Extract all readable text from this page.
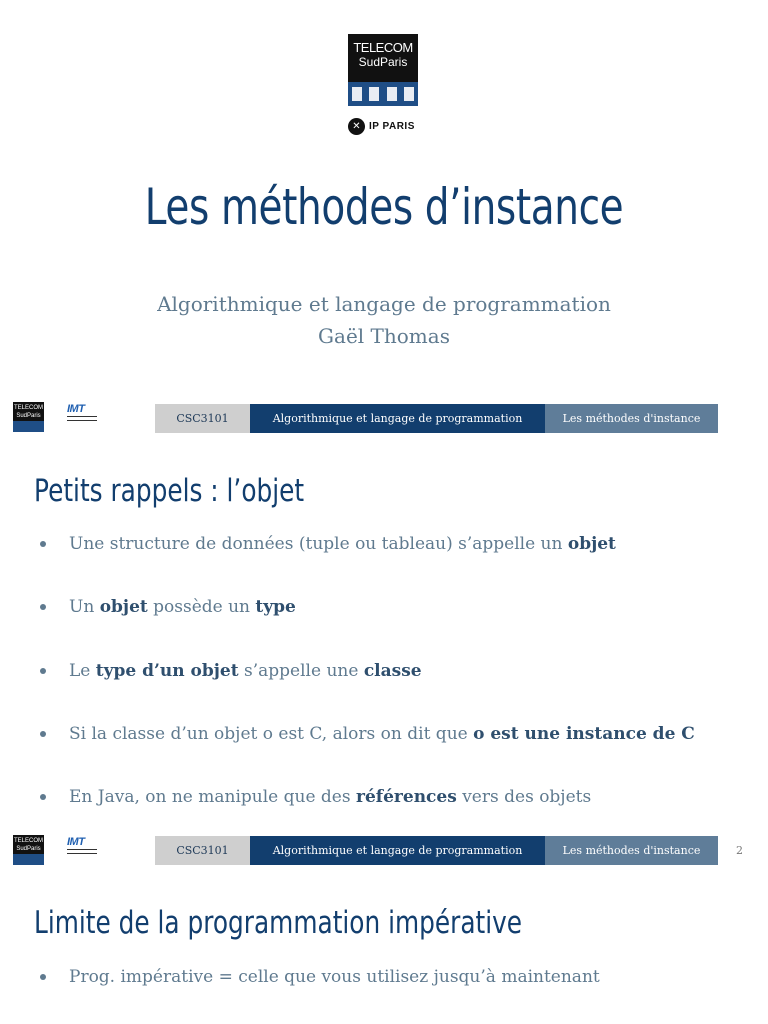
TELECOM
SudParis
✕ IP PARIS
Les méthodes d’instance
Algorithmique et langage de programmation
Gaël Thomas
TELECOM
SudParis
IMT
CSC3101	Algorithmique et langage de programmation	Les méthodes d'instance
Petits rappels : l’objet
Une structure de données (tuple ou tableau) s’appelle un
objet
Un
objet
possède un
type
Le
type d’un objet
s’appelle une
classe
Si la classe d’un objet o est C, alors on dit que
o est une instance de C
En Java, on ne manipule que des
références
vers des objets
TELECOM
SudParis
IMT
CSC3101	Algorithmique et langage de programmation	Les méthodes d'instance	2
Limite de la programmation impérative
Prog. impérative = celle que vous utilisez jusqu’à maintenant
